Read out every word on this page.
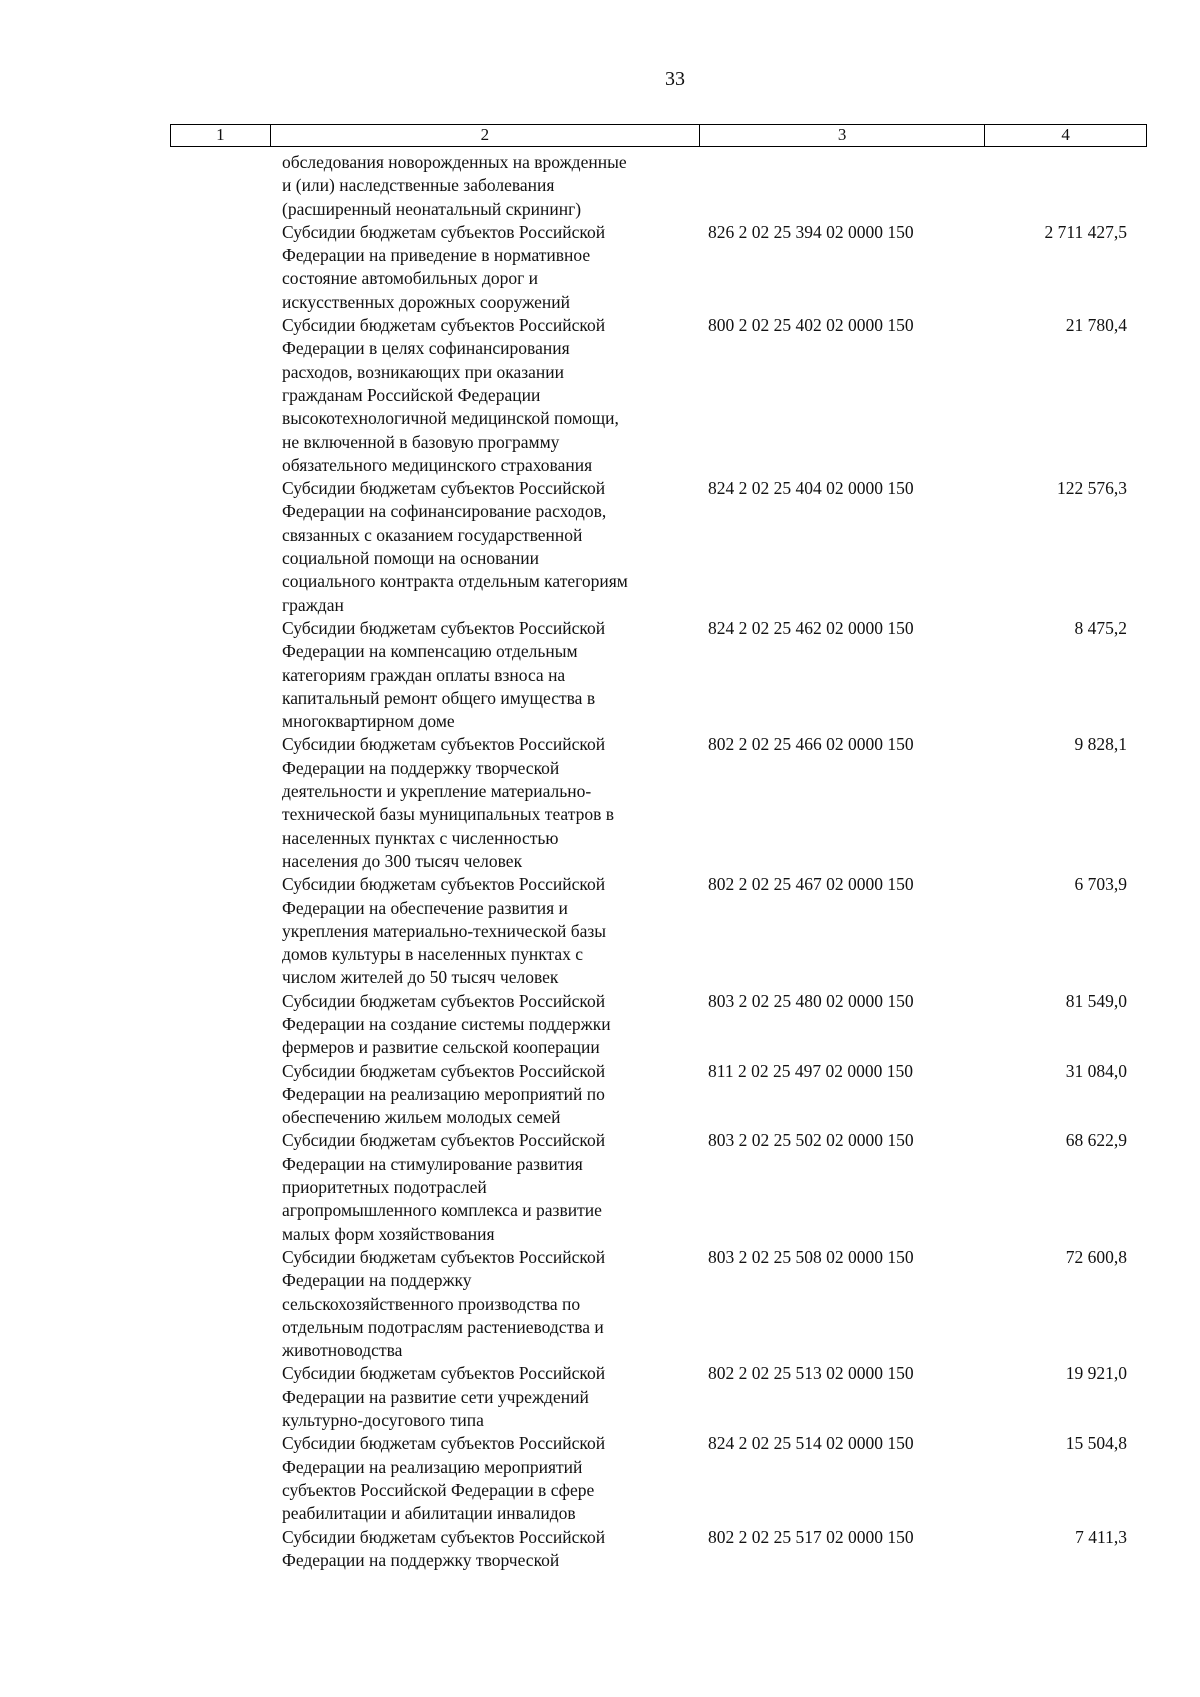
33
1	2	3	4
обследования новорожденных на врожденные
и (или) наследственные заболевания
(расширенный неонатальный скрининг)
Субсидии бюджетам субъектов Российской
Федерации на приведение в нормативное
состояние автомобильных дорог и
искусственных дорожных сооружений
826 2 02 25 394 02 0000 150	2 711 427,5
Субсидии бюджетам субъектов Российской
Федерации в целях софинансирования
расходов, возникающих при оказании
гражданам Российской Федерации
высокотехнологичной медицинской помощи,
не включенной в базовую программу
обязательного медицинского страхования
800 2 02 25 402 02 0000 150	21 780,4
Субсидии бюджетам субъектов Российской
Федерации на софинансирование расходов,
связанных с оказанием государственной
социальной помощи на основании
социального контракта отдельным категориям
граждан
824 2 02 25 404 02 0000 150	122 576,3
Субсидии бюджетам субъектов Российской
Федерации на компенсацию отдельным
категориям граждан оплаты взноса на
капитальный ремонт общего имущества в
многоквартирном доме
824 2 02 25 462 02 0000 150	8 475,2
Субсидии бюджетам субъектов Российской
Федерации на поддержку творческой
деятельности и укрепление материально-
технической базы муниципальных театров в
населенных пунктах с численностью
населения до 300 тысяч человек
802 2 02 25 466 02 0000 150	9 828,1
Субсидии бюджетам субъектов Российской
Федерации на обеспечение развития и
укрепления материально-технической базы
домов культуры в населенных пунктах с
числом жителей до 50 тысяч человек
802 2 02 25 467 02 0000 150	6 703,9
Субсидии бюджетам субъектов Российской
Федерации на создание системы поддержки
фермеров и развитие сельской кооперации
803 2 02 25 480 02 0000 150	81 549,0
Субсидии бюджетам субъектов Российской
Федерации на реализацию мероприятий по
обеспечению жильем молодых семей
811 2 02 25 497 02 0000 150	31 084,0
Субсидии бюджетам субъектов Российской
Федерации на стимулирование развития
приоритетных подотраслей
агропромышленного комплекса и развитие
малых форм хозяйствования
803 2 02 25 502 02 0000 150	68 622,9
Субсидии бюджетам субъектов Российской
Федерации на поддержку
сельскохозяйственного производства по
отдельным подотраслям растениеводства и
животноводства
803 2 02 25 508 02 0000 150	72 600,8
Субсидии бюджетам субъектов Российской
Федерации на развитие сети учреждений
культурно-досугового типа
802 2 02 25 513 02 0000 150	19 921,0
Субсидии бюджетам субъектов Российской
Федерации на реализацию мероприятий
субъектов Российской Федерации в сфере
реабилитации и абилитации инвалидов
824 2 02 25 514 02 0000 150	15 504,8
Субсидии бюджетам субъектов Российской
Федерации на поддержку творческой
802 2 02 25 517 02 0000 150	7 411,3
